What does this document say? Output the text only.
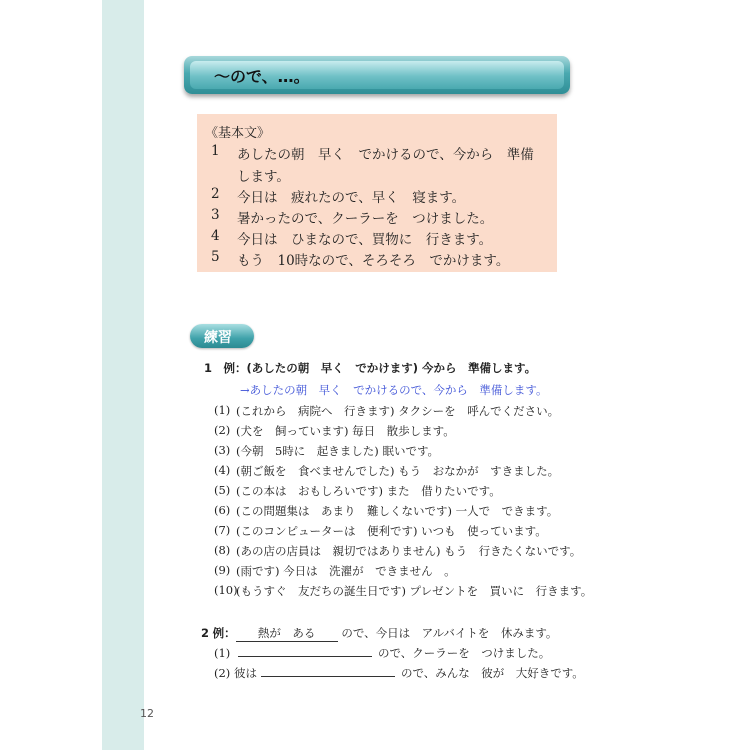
～ので、…。
《基本文》
1 あしたの朝　早く　でかけるので、今から　準備
します。
2 今日は　疲れたので、早く　寝ます。
3 暑かったので、クーラーを　つけました。
4 今日は　ひまなので、買物に　行きます。
5 もう　10時なので、そろそろ　でかけます。
練習
1　例：(あしたの朝　早く　でかけます) 今から　準備します。
→あしたの朝　早く　でかけるので、今から　準備します。
(1) (これから　病院へ　行きます) タクシーを　呼んでください。
(2) (犬を　飼っています) 毎日　散歩します。
(3) (今朝　5時に　起きました) 眠いです。
(4) (朝ご飯を　食べませんでした) もう　おなかが　すきました。
(5) (この本は　おもしろいです) また　借りたいです。
(6) (この問題集は　あまり　難しくないです) 一人で　できます。
(7) (このコンピューターは　便利です) いつも　使っています。
(8) (あの店の店員は　親切ではありません) もう　行きたくないです。
(9) (雨です) 今日は　洗濯が　できません　。
(10)
(もうすぐ　友だちの誕生日です) プレゼントを　買いに　行きます。
2 例： 熱が　ある ので、今日は　アルバイトを　休みます。
(1)	ので、クーラーを　つけました。
(2) 彼は	ので、みんな　彼が　大好きです。
12
